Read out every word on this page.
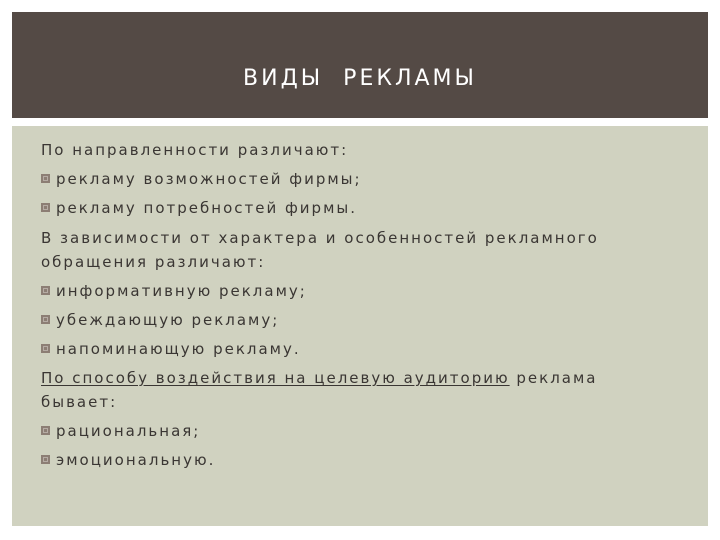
ВИДЫ  РЕКЛАМЫ
По направленности различают:
рекламу возможностей фирмы;
рекламу потребностей фирмы.
В зависимости от характера и особенностей рекламного
обращения различают:
информативную рекламу;
убеждающую рекламу;
напоминающую рекламу.
По способу воздействия на целевую аудиторию реклама
бывает:
рациональная;
эмоциональную.
